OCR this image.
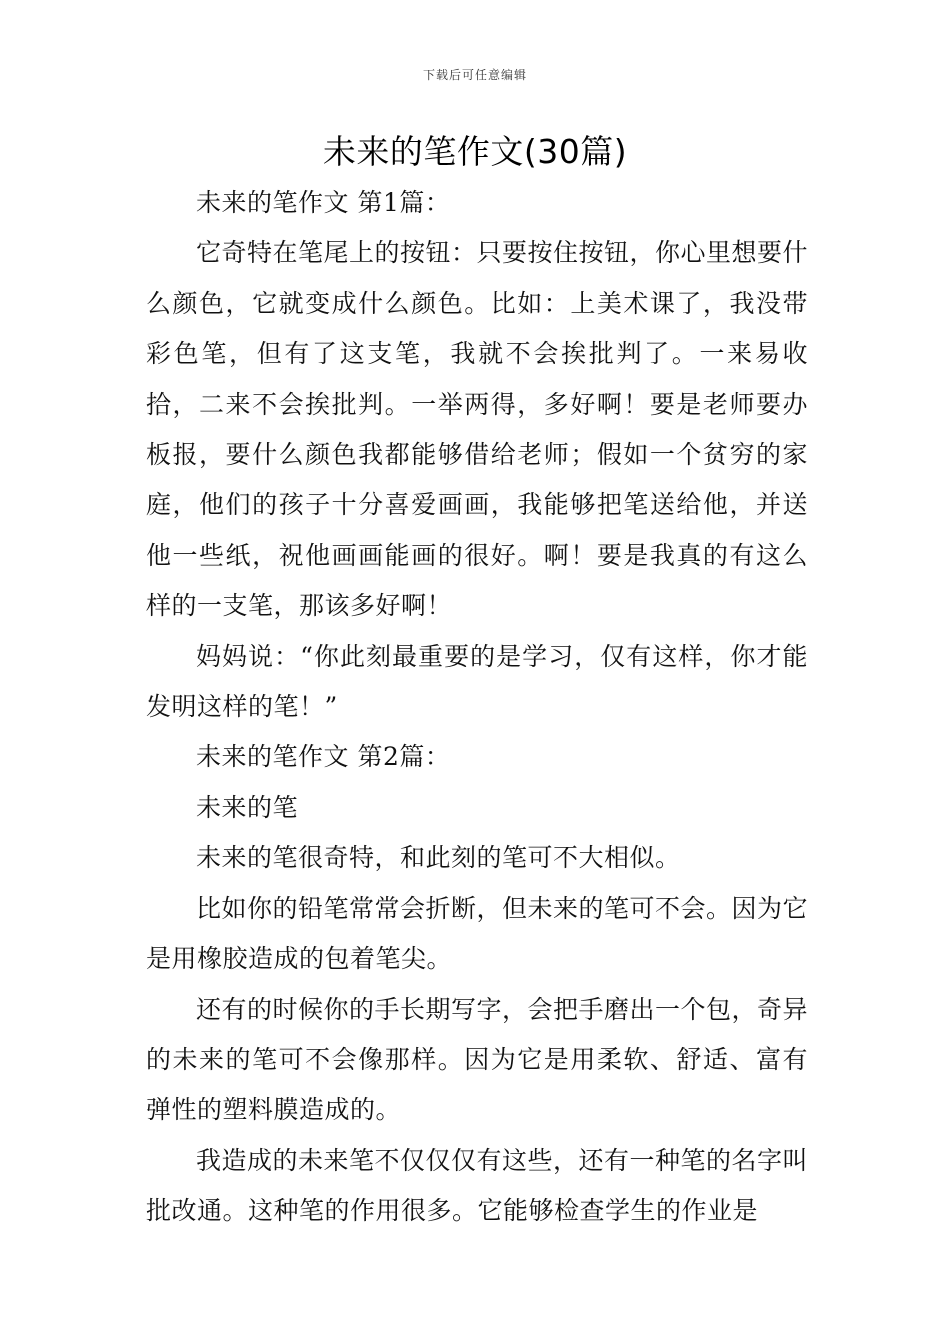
下载后可任意编辑
未来的笔作文(30篇)

未来的笔作文 第1篇：

它奇特在笔尾上的按钮：只要按住按钮，你心里想要什么颜色，它就变成什么颜色。比如：上美术课了，我没带彩色笔，但有了这支笔，我就不会挨批判了。一来易收拾，二来不会挨批判。一举两得，多好啊！要是老师要办板报，要什么颜色我都能够借给老师；假如一个贫穷的家庭，他们的孩子十分喜爱画画，我能够把笔送给他，并送他一些纸，祝他画画能画的很好。啊！要是我真的有这么样的一支笔，那该多好啊！

妈妈说：“你此刻最重要的是学习，仅有这样，你才能发明这样的笔！”

未来的笔作文 第2篇：

未来的笔

未来的笔很奇特，和此刻的笔可不大相似。

比如你的铅笔常常会折断，但未来的笔可不会。因为它是用橡胶造成的包着笔尖。

还有的时候你的手长期写字，会把手磨出一个包，奇异的未来的笔可不会像那样。因为它是用柔软、舒适、富有弹性的塑料膜造成的。

我造成的未来笔不仅仅仅有这些，还有一种笔的名字叫批改通。这种笔的作用很多。它能够检查学生的作业是
